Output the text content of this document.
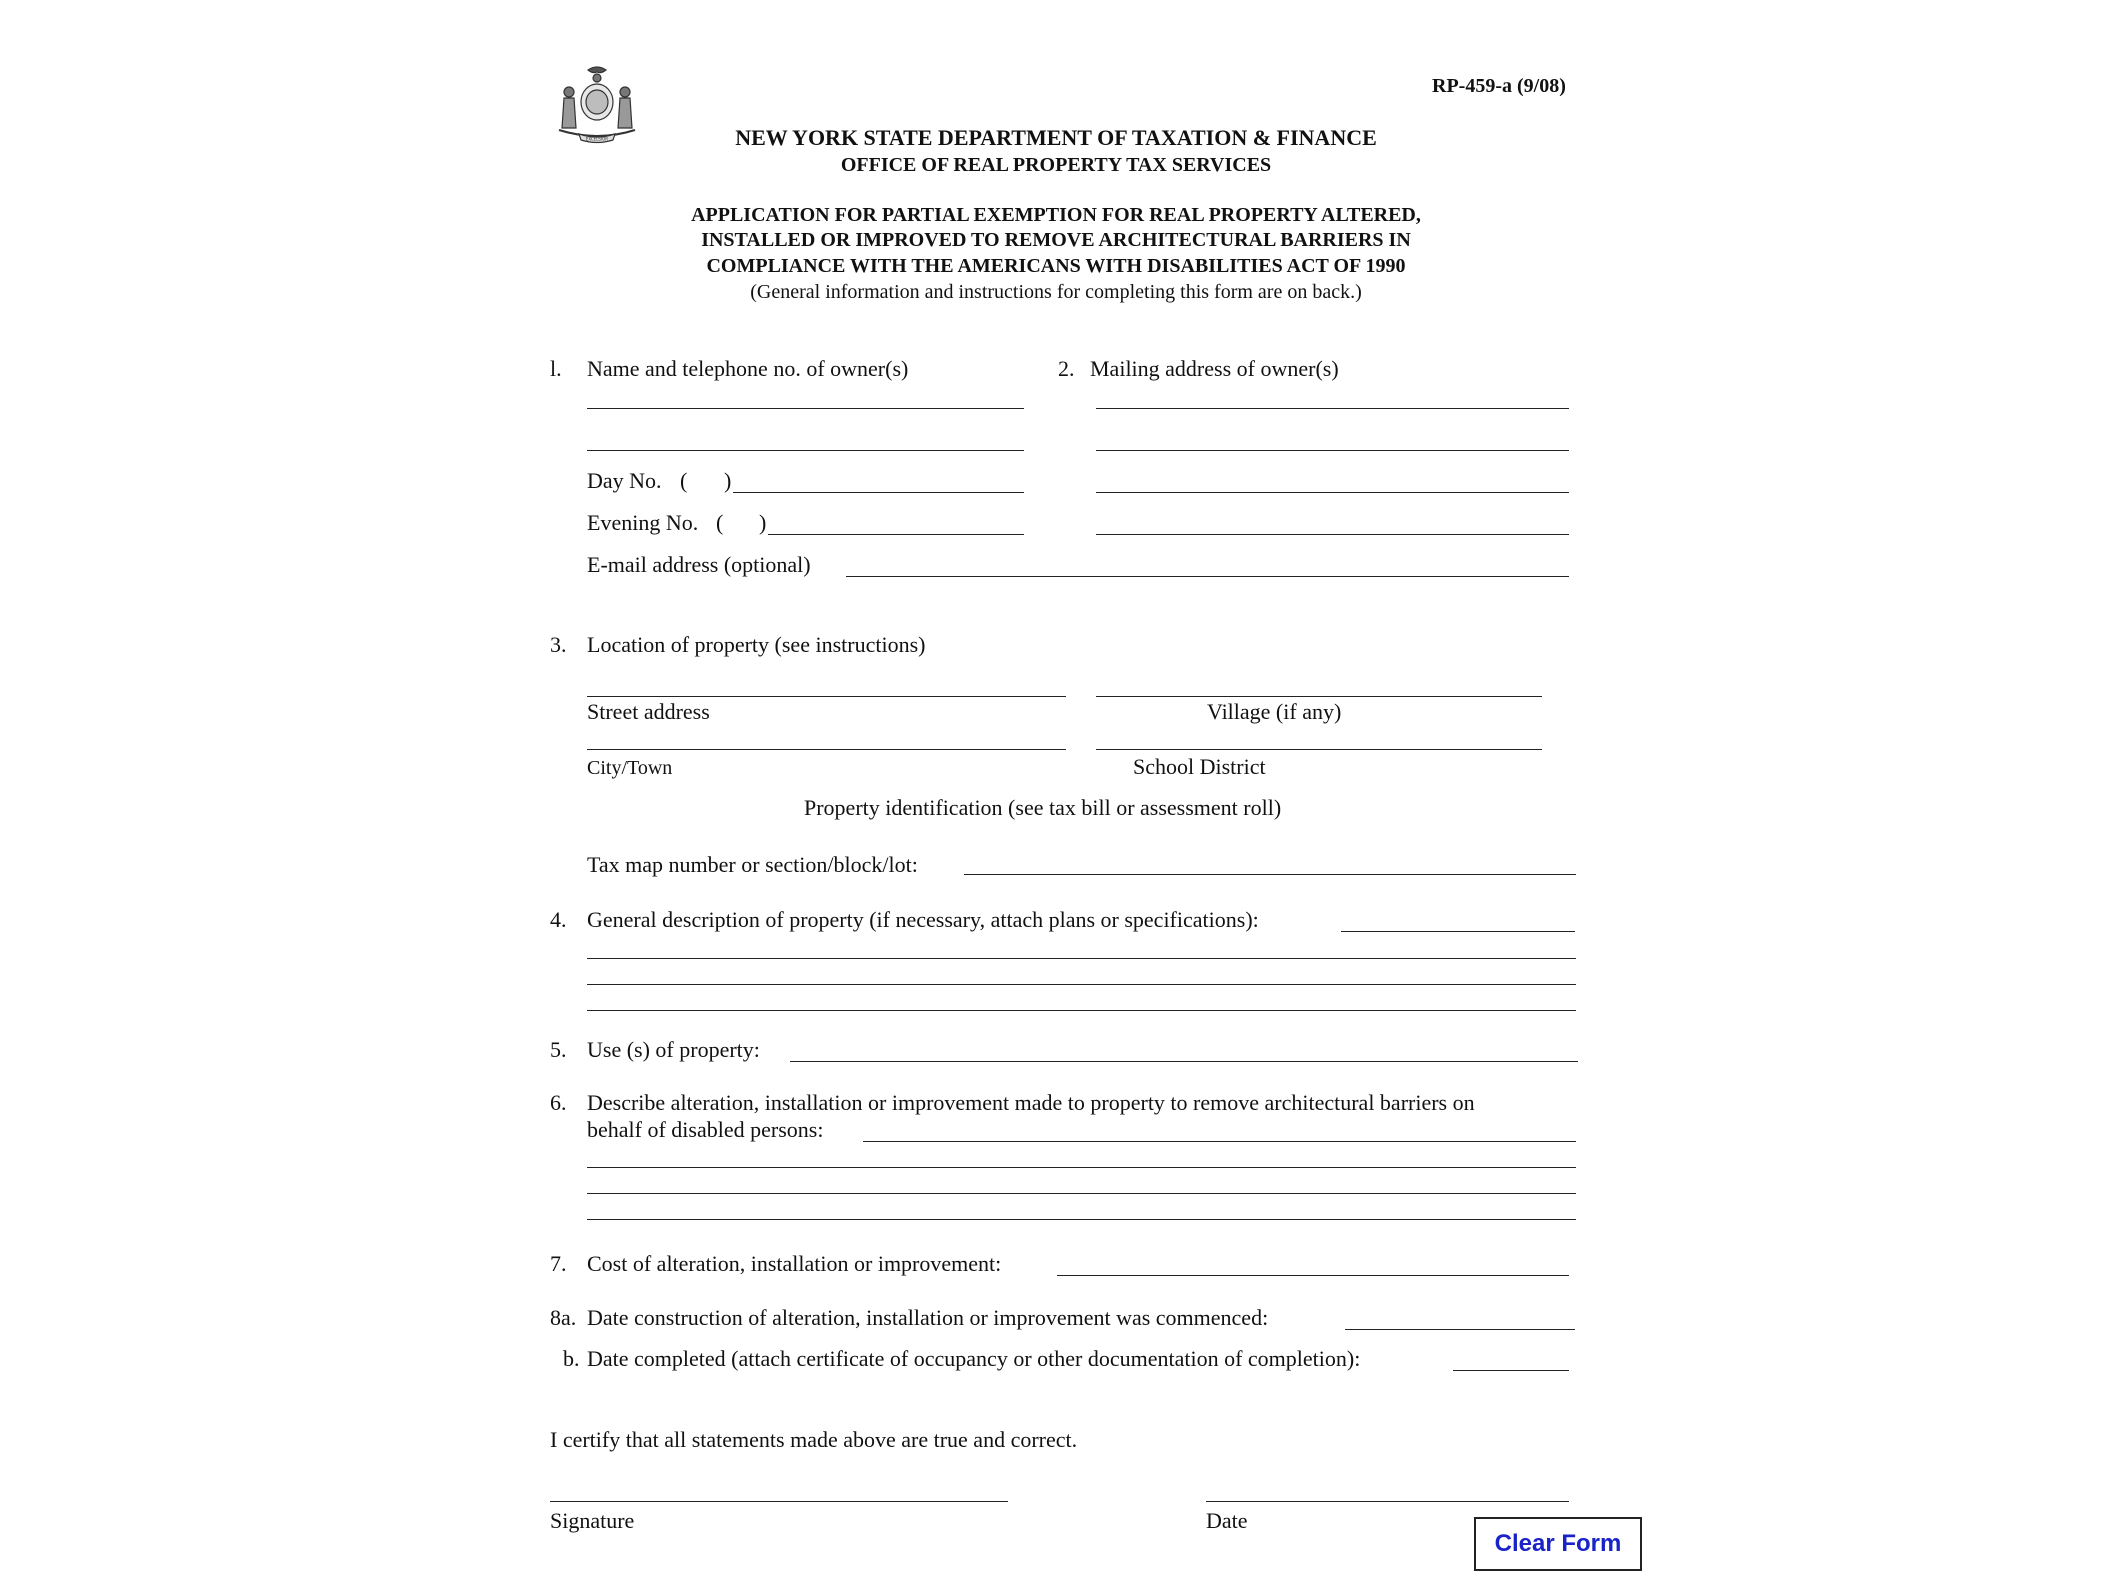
EXCELSIOR
RP-459-a (9/08)
NEW YORK STATE DEPARTMENT OF TAXATION & FINANCE
OFFICE OF REAL PROPERTY TAX SERVICES
APPLICATION FOR PARTIAL EXEMPTION FOR REAL PROPERTY ALTERED,
INSTALLED OR IMPROVED TO REMOVE ARCHITECTURAL BARRIERS IN
COMPLIANCE WITH THE AMERICANS WITH DISABILITIES ACT OF 1990
(General information and instructions for completing this form are on back.)
l. Name and telephone no. of owner(s)	2. Mailing address of owner(s)
Day No. ( )
Evening No. ( )
E-mail address (optional)
3. Location of property (see instructions)
Street address	Village (if any)
City/Town	School District
Property identification (see tax bill or assessment roll)
Tax map number or section/block/lot:
4. General description of property (if necessary, attach plans or specifications):
5. Use (s) of property:
6. Describe alteration, installation or improvement made to property to remove architectural barriers on
behalf of disabled persons:
7. Cost of alteration, installation or improvement:
8a. Date construction of alteration, installation or improvement was commenced:
b. Date completed (attach certificate of occupancy or other documentation of completion):
I certify that all statements made above are true and correct.
Signature	Date
Clear Form
